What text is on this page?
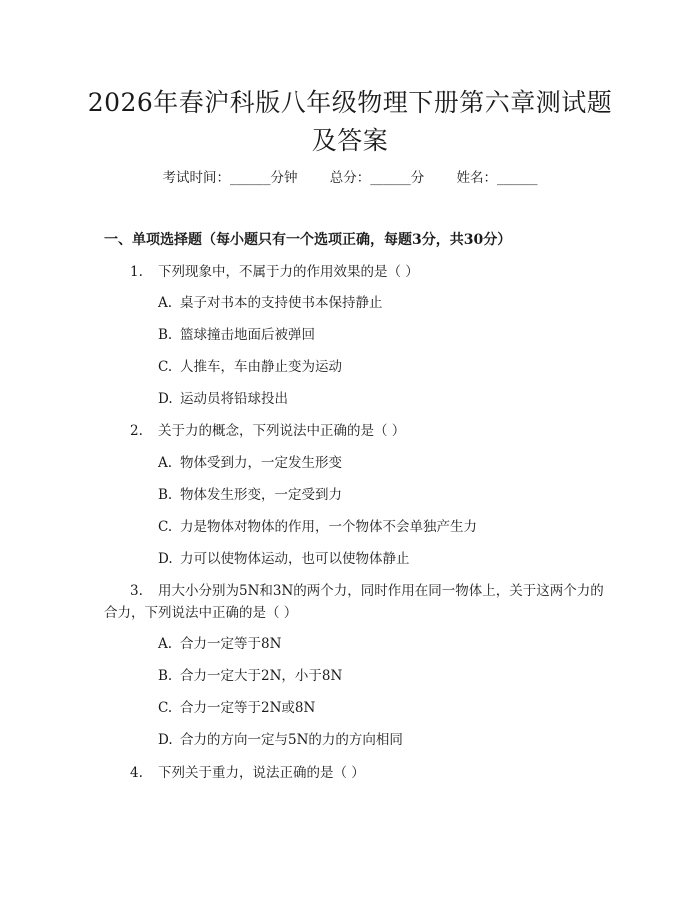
2026年春沪科版八年级物理下册第六章测试题及答案
考试时间：______分钟 总分：______分 姓名：______
一、单项选择题（每小题只有一个选项正确，每题3分，共30分）
1. 下列现象中，不属于力的作用效果的是（ ）
A. 桌子对书本的支持使书本保持静止
B. 篮球撞击地面后被弹回
C. 人推车，车由静止变为运动
D. 运动员将铅球投出
2. 关于力的概念，下列说法中正确的是（ ）
A. 物体受到力，一定发生形变
B. 物体发生形变，一定受到力
C. 力是物体对物体的作用，一个物体不会单独产生力
D. 力可以使物体运动，也可以使物体静止
3. 用大小分别为5N和3N的两个力，同时作用在同一物体上，关于这两个力的合力，下列说法中正确的是（ ）
A. 合力一定等于8N
B. 合力一定大于2N，小于8N
C. 合力一定等于2N或8N
D. 合力的方向一定与5N的力的方向相同
4. 下列关于重力，说法正确的是（ ）
